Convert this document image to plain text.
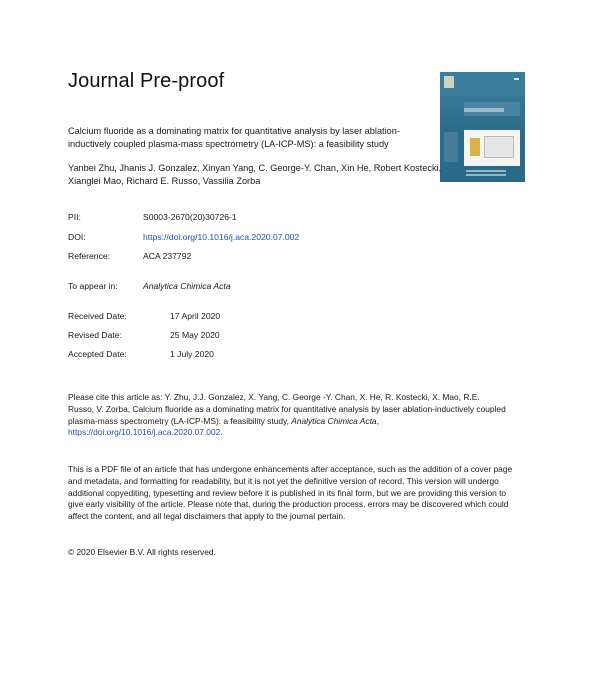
Journal Pre-proof
Calcium fluoride as a dominating matrix for quantitative analysis by laser ablation-inductively coupled plasma-mass spectrometry (LA-ICP-MS): a feasibility study
Yanbei Zhu, Jhanis J. Gonzalez, Xinyan Yang, C. George-Y. Chan, Xin He, Robert Kostecki, Xianglei Mao, Richard E. Russo, Vassilia Zorba
PII:	S0003-2670(20)30726-1
DOI:	https://doi.org/10.1016/j.aca.2020.07.002
Reference:	ACA 237792
To appear in:	Analytica Chimica Acta
Received Date:	17 April 2020
Revised Date:	25 May 2020
Accepted Date:	1 July 2020
Please cite this article as: Y. Zhu, J.J. Gonzalez, X. Yang, C. George -Y. Chan, X. He, R. Kostecki, X. Mao, R.E. Russo, V. Zorba, Calcium fluoride as a dominating matrix for quantitative analysis by laser ablation-inductively coupled plasma-mass spectrometry (LA-ICP-MS): a feasibility study, Analytica Chimica Acta, https://doi.org/10.1016/j.aca.2020.07.002.
This is a PDF file of an article that has undergone enhancements after acceptance, such as the addition of a cover page and metadata, and formatting for readability, but it is not yet the definitive version of record. This version will undergo additional copyediting, typesetting and review before it is published in its final form, but we are providing this version to give early visibility of the article. Please note that, during the production process, errors may be discovered which could affect the content, and all legal disclaimers that apply to the journal pertain.
© 2020 Elsevier B.V. All rights reserved.
